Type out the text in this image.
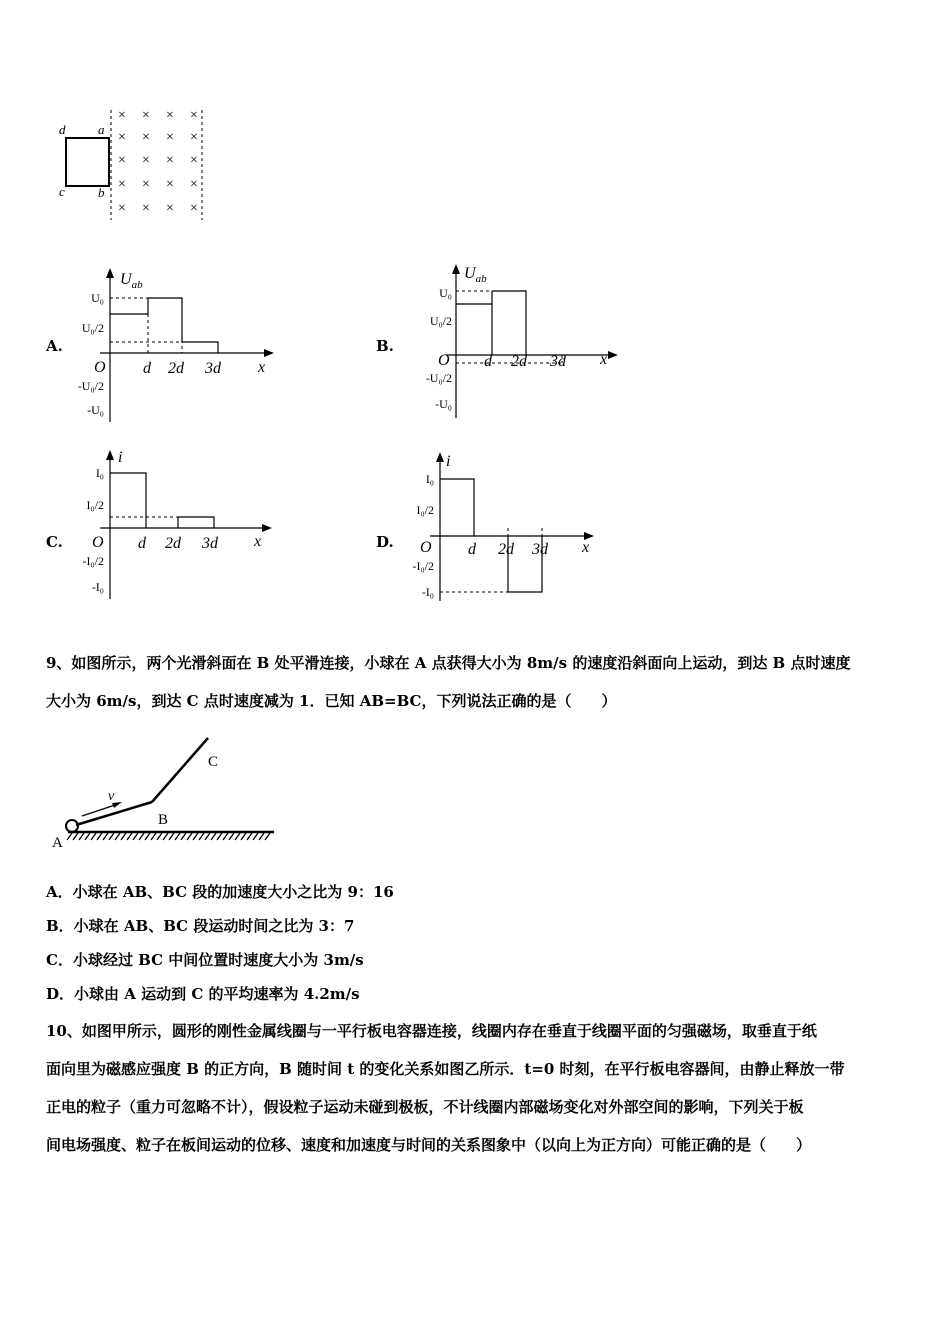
d	a
c	b
× × × ×
× × × ×
× × × ×
× × × ×
× × × ×
A.
$U_{ab}$
U₀
U₀/2
-U₀/2
-U₀
O d 2d 3d x
B.
$U_{ab}$
U₀
U₀/2
-U₀/2
-U₀
O d 2d 3d x
C.
i
I₀
I₀/2
-I₀/2
-I₀
O d 2d 3d x	D.
i
I₀
I₀/2
-I₀/2
-I₀
O d 2d 3d x
9、如图所示，两个光滑斜面在 B 处平滑连接，小球在 A 点获得大小为 8m/s 的速度沿斜面向上运动，到达 B 点时速度
大小为 6m/s，到达 C 点时速度减为 1．已知 AB=BC，下列说法正确的是（　　）
v
A
B
C
A．小球在 AB、BC 段的加速度大小之比为 9：16
B．小球在 AB、BC 段运动时间之比为 3：7
C．小球经过 BC 中间位置时速度大小为 3m/s
D．小球由 A 运动到 C 的平均速率为 4.2m/s
10、如图甲所示，圆形的刚性金属线圈与一平行板电容器连接，线圈内存在垂直于线圈平面的匀强磁场，取垂直于纸
面向里为磁感应强度 B 的正方向，B 随时间 t 的变化关系如图乙所示．t=0 时刻，在平行板电容器间，由静止释放一带
正电的粒子（重力可忽略不计），假设粒子运动未碰到极板，不计线圈内部磁场变化对外部空间的影响，下列关于板
间电场强度、粒子在板间运动的位移、速度和加速度与时间的关系图象中（以向上为正方向）可能正确的是（　　）
